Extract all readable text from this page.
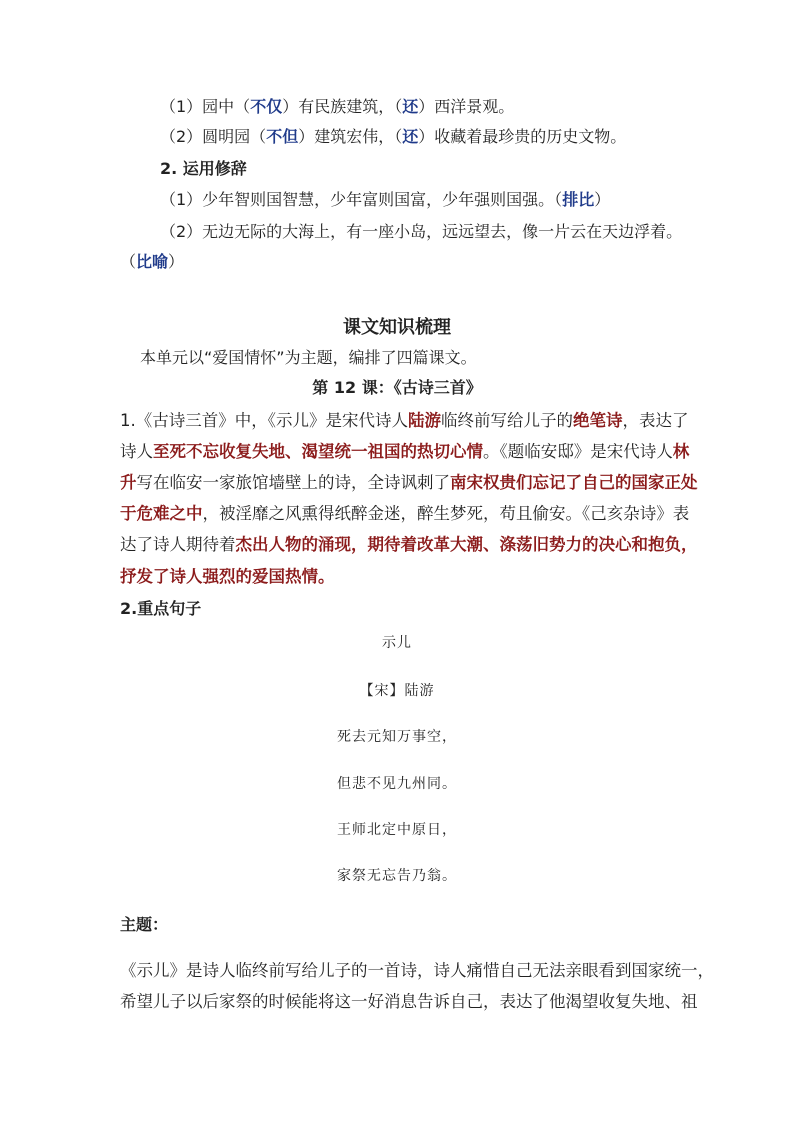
（1）园中（不仅）有民族建筑，（还）西洋景观。
（2）圆明园（不但）建筑宏伟，（还）收藏着最珍贵的历史文物。
2. 运用修辞
（1）少年智则国智慧，少年富则国富，少年强则国强。（排比）
（2）无边无际的大海上，有一座小岛，远远望去，像一片云在天边浮着。
（比喻）
课文知识梳理
本单元以“爱国情怀”为主题，编排了四篇课文。
第 12 课：《古诗三首》
1.《古诗三首》中，《示儿》是宋代诗人陆游临终前写给儿子的绝笔诗，表达了
诗人至死不忘收复失地、渴望统一祖国的热切心情。《题临安邸》是宋代诗人林
升写在临安一家旅馆墙壁上的诗，全诗讽刺了南宋权贵们忘记了自己的国家正处
于危难之中，被淫靡之风熏得纸醉金迷，醉生梦死，苟且偷安。《己亥杂诗》表
达了诗人期待着杰出人物的涌现，期待着改革大潮、涤荡旧势力的决心和抱负，
抒发了诗人强烈的爱国热情。
2.重点句子
示儿
【宋】陆游
死去元知万事空，
但悲不见九州同。
王师北定中原日，
家祭无忘告乃翁。
主题：
《示儿》是诗人临终前写给儿子的一首诗，诗人痛惜自己无法亲眼看到国家统一，
希望儿子以后家祭的时候能将这一好消息告诉自己，表达了他渴望收复失地、祖
